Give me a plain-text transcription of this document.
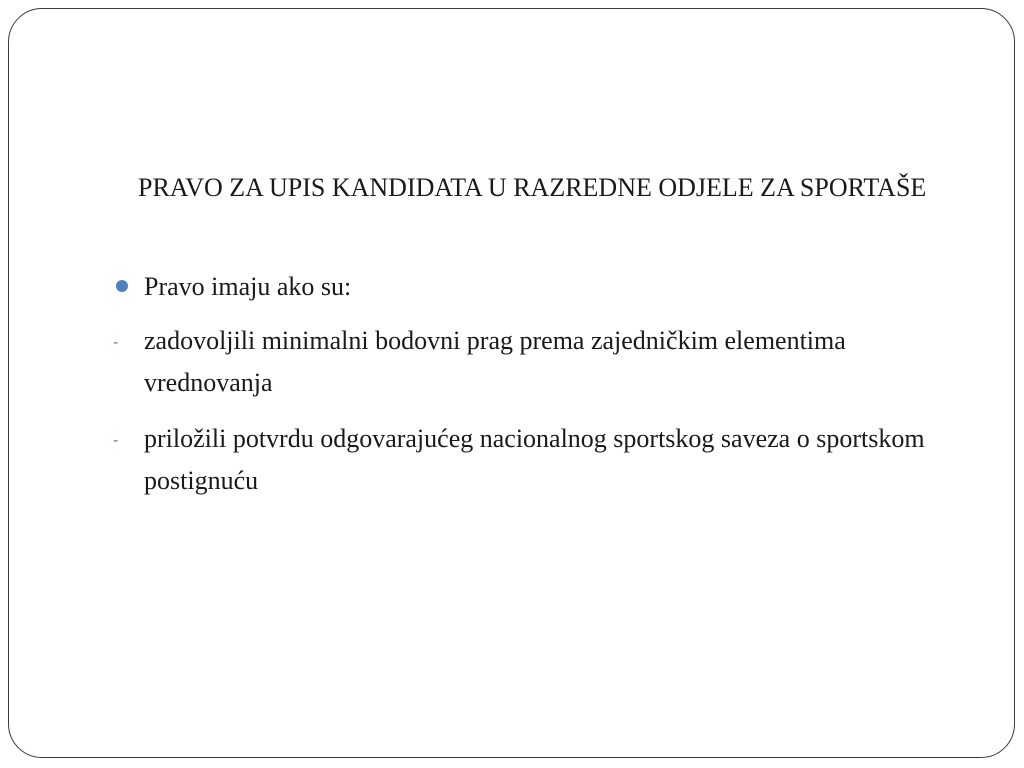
PRAVO ZA UPIS KANDIDATA U RAZREDNE ODJELE ZA SPORTAŠE
Pravo imaju ako su:
- zadovoljili minimalni bodovni prag prema zajedničkim elementima vrednovanja
- priložili potvrdu odgovarajućeg nacionalnog sportskog saveza o sportskom postignuću
